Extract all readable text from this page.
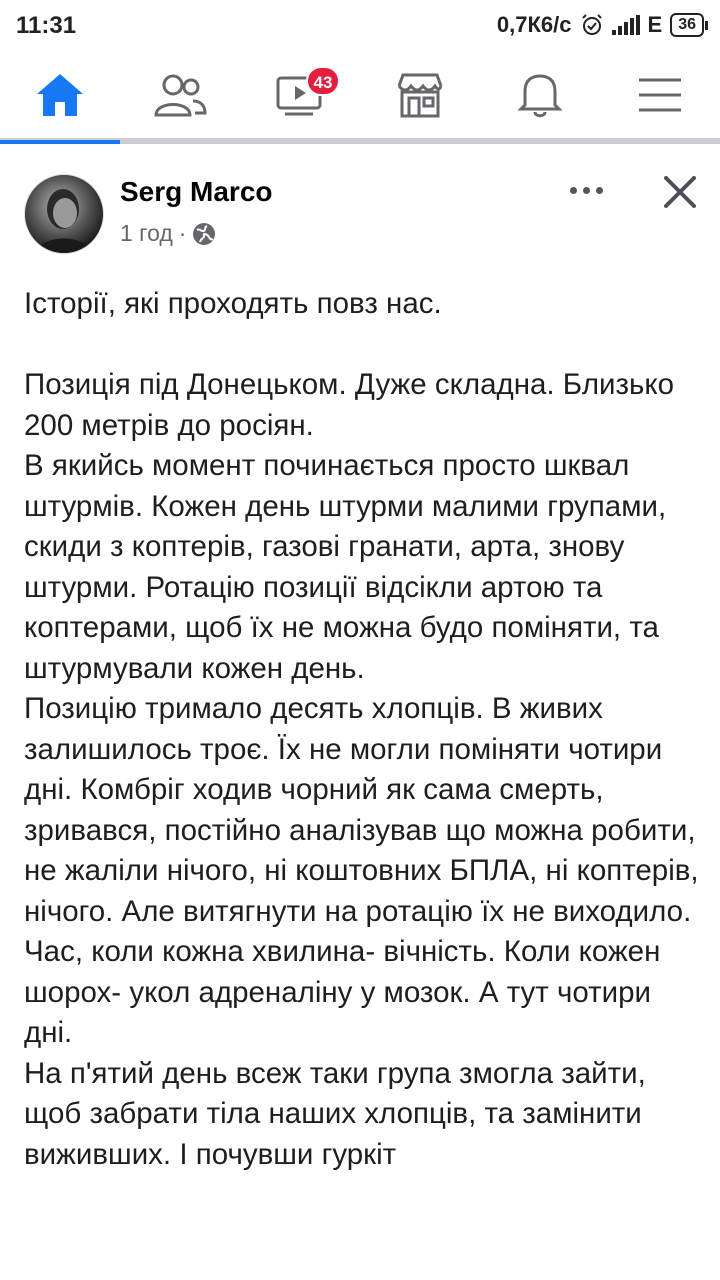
11:31	0,7К6/с	E	36
43
Serg Marco
1 год ·

Історії, які проходять повз нас.

Позиція під Донецьком. Дуже складна. Близько 200 метрів до росіян.

В якийсь момент починається просто шквал штурмів. Кожен день штурми малими групами, скиди з коптерів, газові гранати, арта, знову штурми. Ротацію позиції відсікли артою та коптерами, щоб їх не можна будо поміняти, та штурмували кожен день.

Позицію тримало десять хлопців. В живих залишилось троє. Їх не могли поміняти чотири дні. Комбріг ходив чорний як сама смерть, зривався, постійно аналізував що можна робити, не жаліли нічого, ні коштовних БПЛА, ні коптерів, нічого. Але витягнути на ротацію їх не виходило. Час, коли кожна хвилина- вічність. Коли кожен шорох- укол адреналіну у мозок. А тут чотири дні.

На п'ятий день всеж таки група змогла зайти, щоб забрати тіла наших хлопців, та замінити виживших. І почувши гуркіт
